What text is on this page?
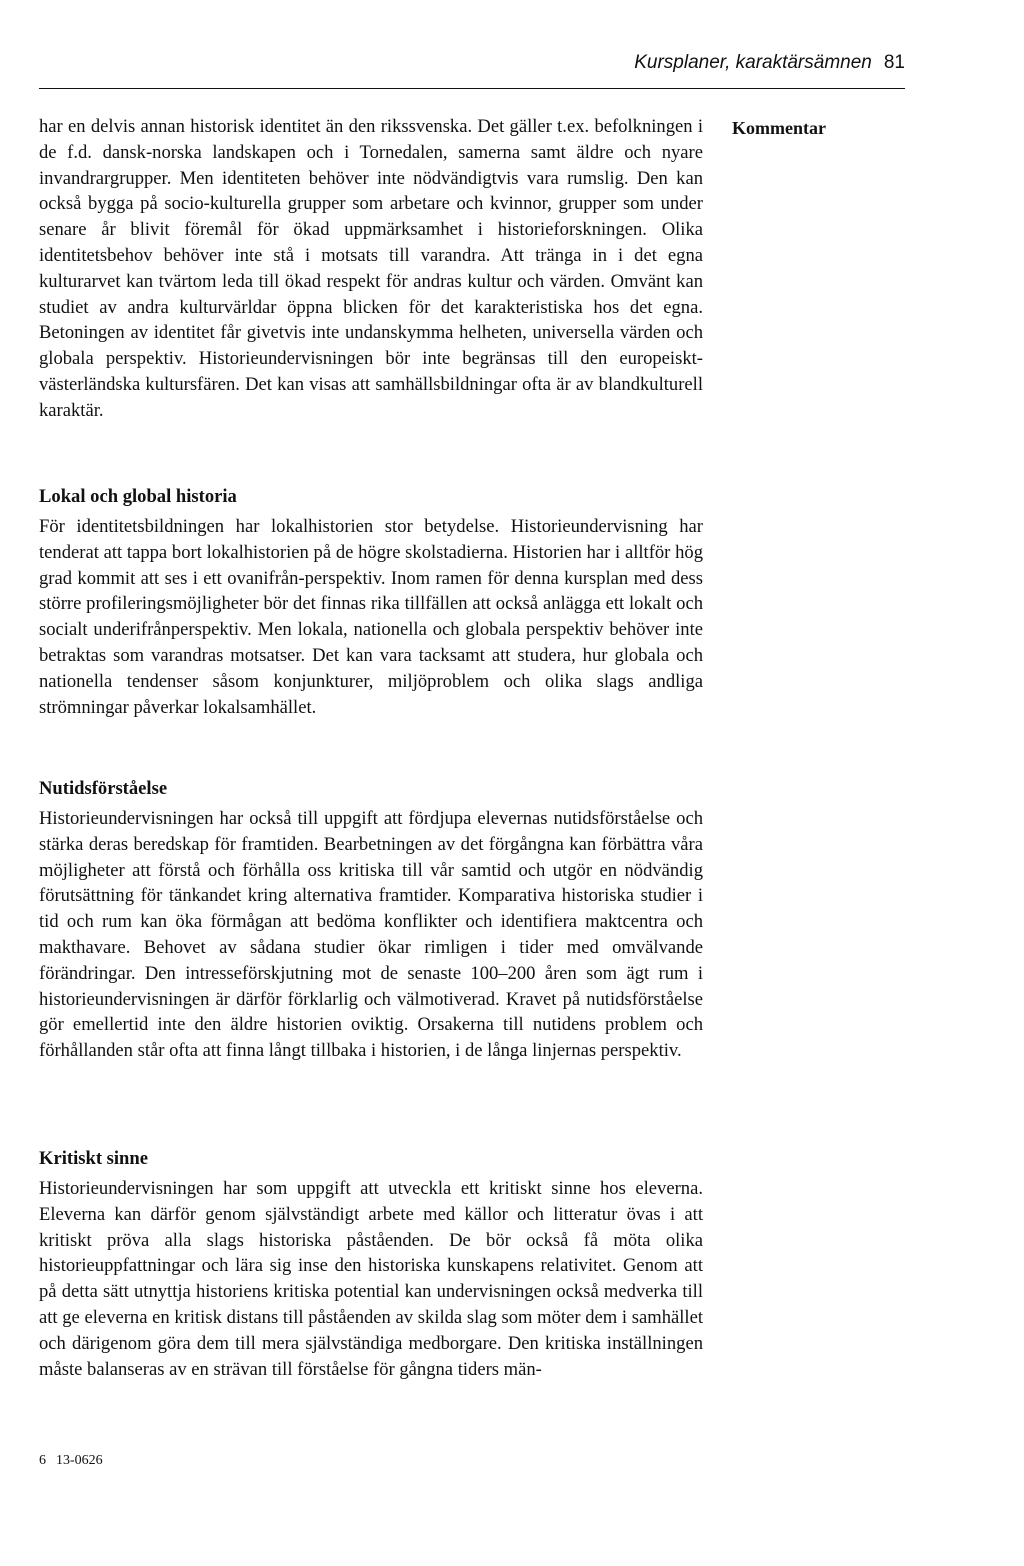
Kursplaner, karaktärsämnen 81
Kommentar

har en delvis annan historisk identitet än den rikssvenska. Det gäller t.ex. befolkningen i de f.d. dansk-norska landskapen och i Tornedalen, samerna samt äldre och nyare invandrargrupper. Men identiteten behöver inte nödvändigtvis vara rumslig. Den kan också bygga på socio-kulturella grupper som arbetare och kvinnor, grupper som under senare år blivit föremål för ökad uppmärksamhet i historieforskningen. Olika identitetsbehov behöver inte stå i motsats till varandra. Att tränga in i det egna kulturarvet kan tvärtom leda till ökad respekt för andras kultur och värden. Omvänt kan studiet av andra kulturvärldar öppna blicken för det karakteristiska hos det egna. Betoningen av identitet får givetvis inte undanskymma helheten, universella värden och globala perspektiv. Historieundervisningen bör inte begränsas till den europeiskt-västerländska kultursfären. Det kan visas att samhällsbildningar ofta är av blandkulturell karaktär.

Lokal och global historia

För identitetsbildningen har lokalhistorien stor betydelse. Historieundervisning har tenderat att tappa bort lokalhistorien på de högre skolstadierna. Historien har i alltför hög grad kommit att ses i ett ovanifrån-perspektiv. Inom ramen för denna kursplan med dess större profileringsmöjligheter bör det finnas rika tillfällen att också anlägga ett lokalt och socialt underifrånperspektiv. Men lokala, nationella och globala perspektiv behöver inte betraktas som varandras motsatser. Det kan vara tacksamt att studera, hur globala och nationella tendenser såsom konjunkturer, miljöproblem och olika slags andliga strömningar påverkar lokalsamhället.

Nutidsförståelse

Historieundervisningen har också till uppgift att fördjupa elevernas nutidsförståelse och stärka deras beredskap för framtiden. Bearbetningen av det förgångna kan förbättra våra möjligheter att förstå och förhålla oss kritiska till vår samtid och utgör en nödvändig förutsättning för tänkandet kring alternativa framtider. Komparativa historiska studier i tid och rum kan öka förmågan att bedöma konflikter och identifiera maktcentra och makthavare. Behovet av sådana studier ökar rimligen i tider med omvälvande förändringar. Den intresseförskjutning mot de senaste 100–200 åren som ägt rum i historieundervisningen är därför förklarlig och välmotiverad. Kravet på nutidsförståelse gör emellertid inte den äldre historien oviktig. Orsakerna till nutidens problem och förhållanden står ofta att finna långt tillbaka i historien, i de långa linjernas perspektiv.

Kritiskt sinne

Historieundervisningen har som uppgift att utveckla ett kritiskt sinne hos eleverna. Eleverna kan därför genom självständigt arbete med källor och litteratur övas i att kritiskt pröva alla slags historiska påståenden. De bör också få möta olika historieuppfattningar och lära sig inse den historiska kunskapens relativitet. Genom att på detta sätt utnyttja historiens kritiska potential kan undervisningen också medverka till att ge eleverna en kritisk distans till påståenden av skilda slag som möter dem i samhället och därigenom göra dem till mera självständiga medborgare. Den kritiska inställningen måste balanseras av en strävan till förståelse för gångna tiders män-

6 13-0626
